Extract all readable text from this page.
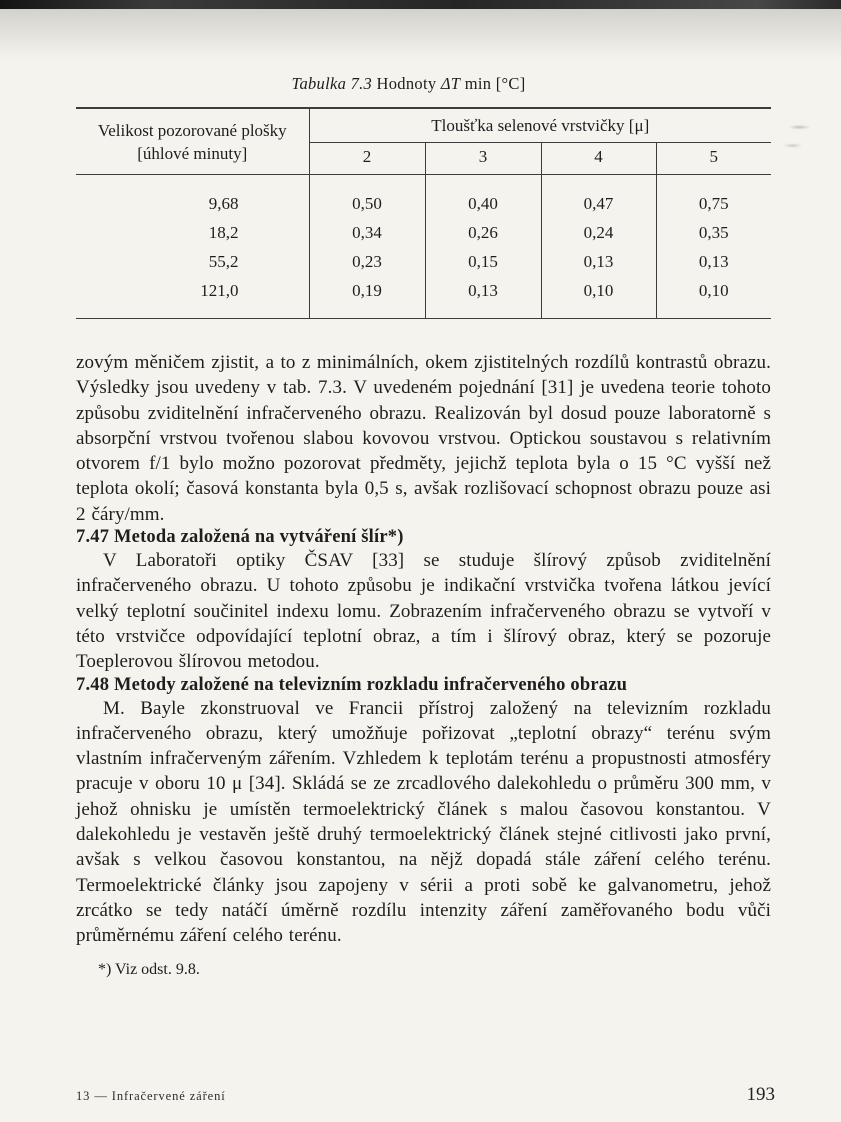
Tabulka 7.3 Hodnoty ΔT min [°C]
Velikost pozorované plošky [úhlové minuty]	Tloušťka selenové vrstvičky [μ]			
	2	3	4	5
9,68	0,50	0,40	0,47	0,75
18,2	0,34	0,26	0,24	0,35
55,2	0,23	0,15	0,13	0,13
121,0	0,19	0,13	0,10	0,10

zovým měničem zjistit, a to z minimálních, okem zjistitelných rozdílů kontrastů obrazu. Výsledky jsou uvedeny v tab. 7.3. V uvedeném pojednání [31] je uvedena teorie tohoto způsobu zviditelnění infračerveného obrazu. Realizován byl dosud pouze laboratorně s absorpční vrstvou tvořenou slabou kovovou vrstvou. Optickou soustavou s relativním otvorem f/1 bylo možno pozorovat předměty, jejichž teplota byla o 15 °C vyšší než teplota okolí; časová konstanta byla 0,5 s, avšak rozlišovací schopnost obrazu pouze asi 2 čáry/mm.

7.47 Metoda založená na vytváření šlír*)

V Laboratoři optiky ČSAV [33] se studuje šlírový způsob zviditelnění infračerveného obrazu. U tohoto způsobu je indikační vrstvička tvořena látkou jevící velký teplotní součinitel indexu lomu. Zobrazením infračerveného obrazu se vytvoří v této vrstvičce odpovídající teplotní obraz, a tím i šlírový obraz, který se pozoruje Toeplerovou šlírovou metodou.

7.48 Metody založené na televizním rozkladu infračerveného obrazu

M. Bayle zkonstruoval ve Francii přístroj založený na televizním rozkladu infračerveného obrazu, který umožňuje pořizovat „teplotní obrazy“ terénu svým vlastním infračerveným zářením. Vzhledem k teplotám terénu a propustnosti atmosféry pracuje v oboru 10 μ [34]. Skládá se ze zrcadlového dalekohledu o průměru 300 mm, v jehož ohnisku je umístěn termoelektrický článek s malou časovou konstantou. V dalekohledu je vestavěn ještě druhý termoelektrický článek stejné citlivosti jako první, avšak s velkou časovou konstantou, na nějž dopadá stále záření celého terénu. Termoelektrické články jsou zapojeny v sérii a proti sobě ke galvanometru, jehož zrcátko se tedy natáčí úměrně rozdílu intenzity záření zaměřovaného bodu vůči průměrnému záření celého terénu.

*) Viz odst. 9.8.
13 — Infračervené záření	193
